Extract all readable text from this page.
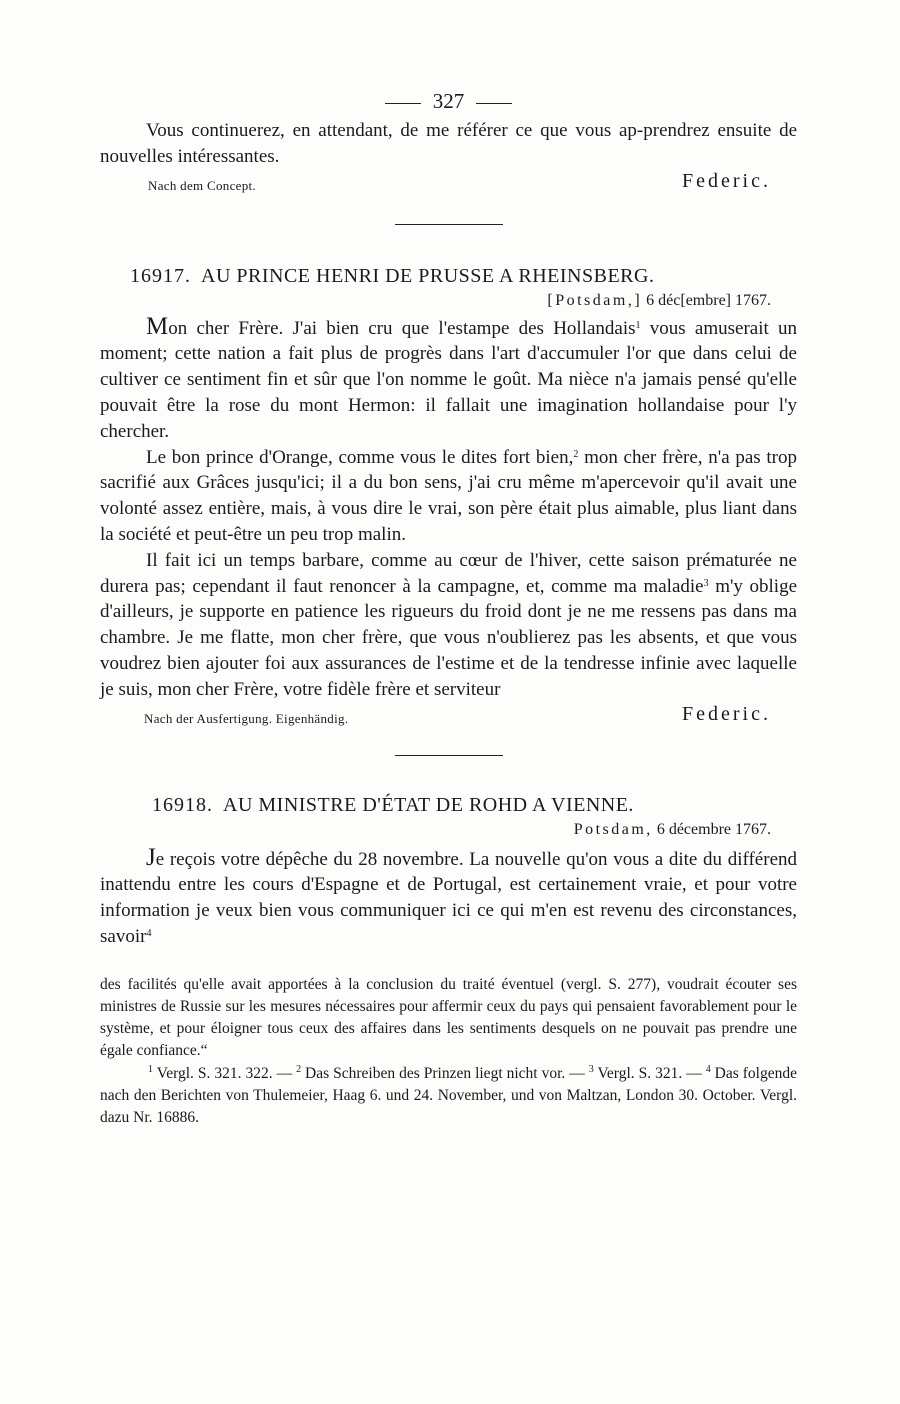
327

Vous continuerez, en attendant, de me référer ce que vous ap-prendrez ensuite de nouvelles intéressantes.

Nach dem Concept.	Federic.
16917. AU PRINCE HENRI DE PRUSSE A RHEINSBERG.
[Potsdam,] 6 déc[embre] 1767.

Mon cher Frère. J'ai bien cru que l'estampe des Hollandais$^1$ vous amuserait un moment; cette nation a fait plus de progrès dans l'art d'accumuler l'or que dans celui de cultiver ce sentiment fin et sûr que l'on nomme le goût. Ma nièce n'a jamais pensé qu'elle pouvait être la rose du mont Hermon: il fallait une imagination hollandaise pour l'y chercher.

Le bon prince d'Orange, comme vous le dites fort bien,$^2$ mon cher frère, n'a pas trop sacrifié aux Grâces jusqu'ici; il a du bon sens, j'ai cru même m'apercevoir qu'il avait une volonté assez entière, mais, à vous dire le vrai, son père était plus aimable, plus liant dans la société et peut-être un peu trop malin.

Il fait ici un temps barbare, comme au cœur de l'hiver, cette saison prématurée ne durera pas; cependant il faut renoncer à la campagne, et, comme ma maladie$^3$ m'y oblige d'ailleurs, je supporte en patience les rigueurs du froid dont je ne me ressens pas dans ma chambre. Je me flatte, mon cher frère, que vous n'oublierez pas les absents, et que vous voudrez bien ajouter foi aux assurances de l'estime et de la tendresse infinie avec laquelle je suis, mon cher Frère, votre fidèle frère et serviteur

Nach der Ausfertigung. Eigenhändig.	Federic.
16918. AU MINISTRE D'ÉTAT DE ROHD A VIENNE.
Potsdam, 6 décembre 1767.

Je reçois votre dépêche du 28 novembre. La nouvelle qu'on vous a dite du différend inattendu entre les cours d'Espagne et de Portugal, est certainement vraie, et pour votre information je veux bien vous communiquer ici ce qui m'en est revenu des circonstances, savoir$^4$

des facilités qu'elle avait apportées à la conclusion du traité éventuel (vergl. S. 277), voudrait écouter ses ministres de Russie sur les mesures nécessaires pour affermir ceux du pays qui pensaient favorablement pour le système, et pour éloigner tous ceux des affaires dans les sentiments desquels on ne pouvait pas prendre une égale confiance.“

$^1$ Vergl. S. 321. 322. — $^2$ Das Schreiben des Prinzen liegt nicht vor. — $^3$ Vergl. S. 321. — $^4$ Das folgende nach den Berichten von Thulemeier, Haag 6. und 24. November, und von Maltzan, London 30. October. Vergl. dazu Nr. 16886.
